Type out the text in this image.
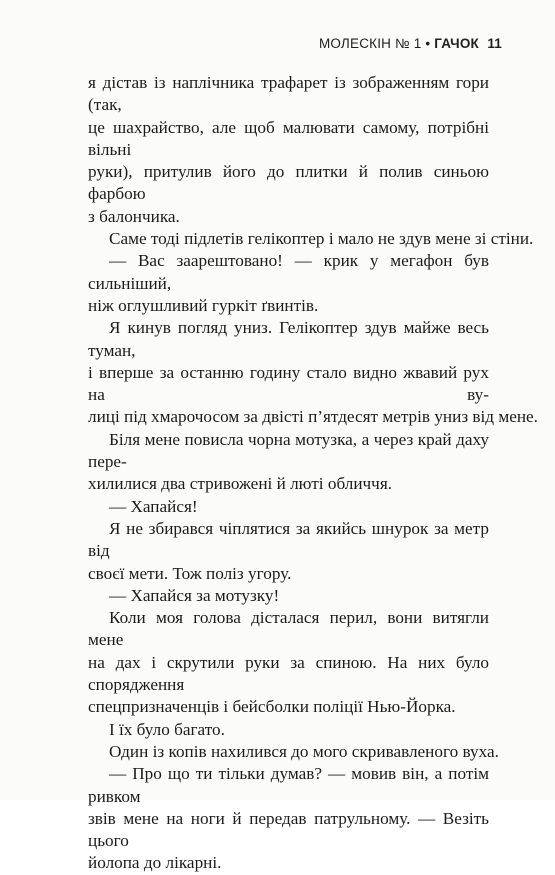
МОЛЕСКІН № 1 • ГАЧОК 11

я дістав із наплічника трафарет із зображенням гори (так,
це шахрайство, але щоб малювати самому, потрібні вільні
руки), притулив його до плитки й полив синьою фарбою
з балончика.

Саме тоді підлетів гелікоптер і мало не здув мене зі стіни.

— Вас заарештовано! — крик у мегафон був сильніший,
ніж оглушливий гуркіт ґвинтів.

Я кинув погляд униз. Гелікоптер здув майже весь туман,
і вперше за останню годину стало видно жвавий рух на ву-
лиці під хмарочосом за двісті п’ятдесят метрів униз від мене.

Біля мене повисла чорна мотузка, а через край даху пере-
хилилися два стривожені й люті обличчя.

— Хапайся!

Я не збирався чіплятися за якийсь шнурок за метр від
своєї мети. Тож поліз угору.

— Хапайся за мотузку!

Коли моя голова дісталася перил, вони витягли мене
на дах і скрутили руки за спиною. На них було спорядження
спецпризначенців і бейсболки поліції Нью-Йорка.

І їх було багато.

Один із копів нахилився до мого скривавленого вуха.

— Про що ти тільки думав? — мовив він, а потім ривком
звів мене на ноги й передав патрульному. — Везіть цього
йолопа до лікарні.
